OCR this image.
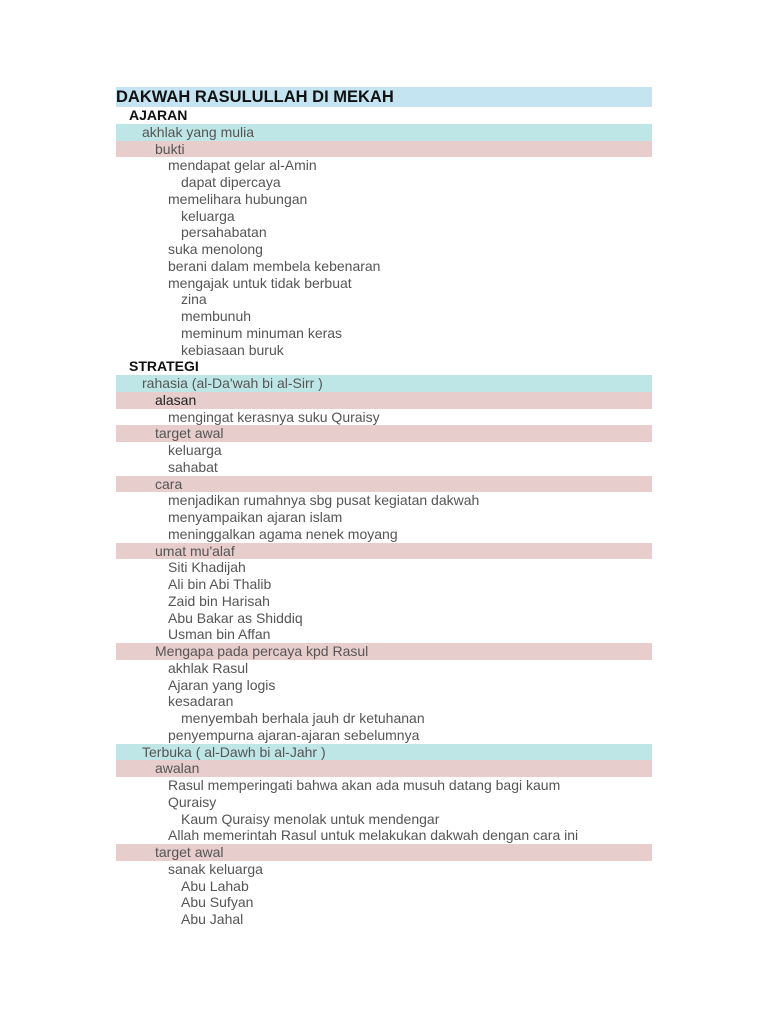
DAKWAH RASULULLAH DI MEKAH
AJARAN
akhlak yang mulia
bukti
mendapat gelar al-Amin
dapat dipercaya
memelihara hubungan
keluarga
persahabatan
suka menolong
berani dalam membela kebenaran
mengajak untuk tidak berbuat
zina
membunuh
meminum minuman keras
kebiasaan buruk
STRATEGI
rahasia (al-Da'wah bi al-Sirr )
alasan
mengingat kerasnya suku Quraisy
target awal
keluarga
sahabat
cara
menjadikan rumahnya sbg pusat kegiatan dakwah
menyampaikan ajaran islam
meninggalkan agama nenek moyang
umat mu'alaf
Siti Khadijah
Ali bin Abi Thalib
Zaid bin Harisah
Abu Bakar as Shiddiq
Usman bin Affan
Mengapa pada percaya kpd Rasul
akhlak Rasul
Ajaran yang logis
kesadaran
menyembah berhala jauh dr ketuhanan
penyempurna ajaran-ajaran sebelumnya
Terbuka ( al-Dawh bi al-Jahr )
awalan
Rasul memperingati bahwa akan ada musuh datang bagi kaum
Quraisy
Kaum Quraisy menolak untuk mendengar
Allah memerintah Rasul untuk melakukan dakwah dengan cara ini
target awal
sanak keluarga
Abu Lahab
Abu Sufyan
Abu Jahal
